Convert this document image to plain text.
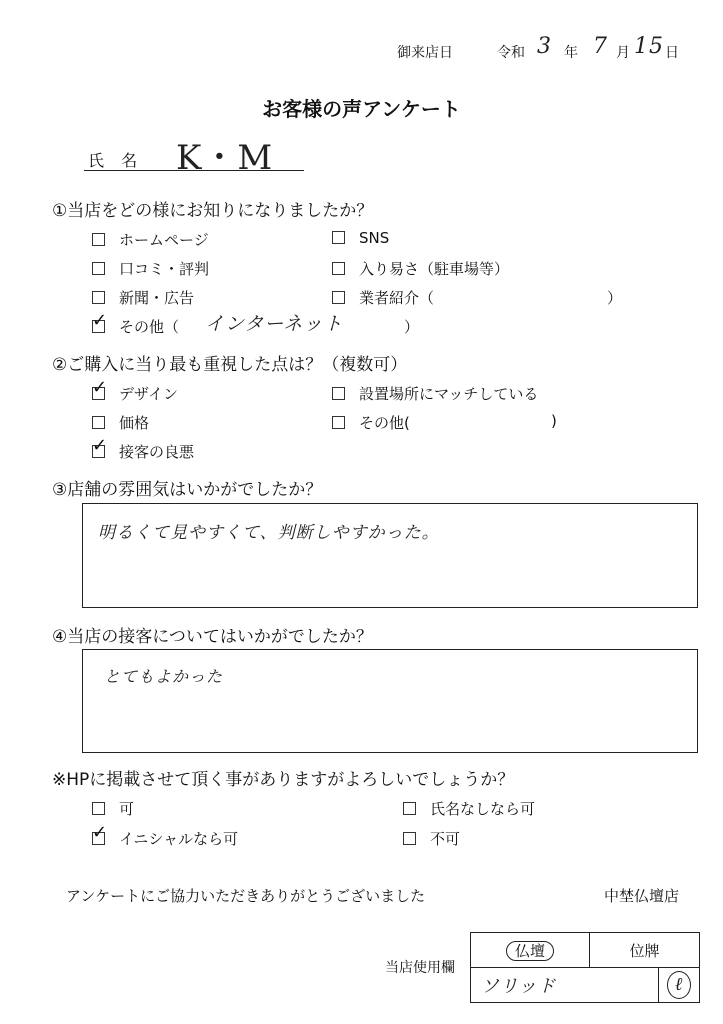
御来店日	令和 3 年 7 月 15 日
お客様の声アンケート
氏 名 K・M
①当店をどの様にお知りになりましたか？
ホームページ	SNS
口コミ・評判	入り易さ（駐車場等）
新聞・広告	業者紹介（	）
✓その他（ インターネット	）
②ご購入に当り最も重視した点は？（複数可）
✓デザイン	設置場所にマッチしている
価格	その他(	)
✓接客の良悪
③店舗の雰囲気はいかがでしたか？
明るくて見やすくて、判断しやすかった。
④当店の接客についてはいかがでしたか？
とてもよかった
※HPに掲載させて頂く事がありますがよろしいでしょうか？
可	氏名なしなら可
✓イニシャルなら可	不可
アンケートにご協力いただきありがとうございました	中埜仏壇店
当店使用欄
仏壇	位牌	
ソリッド		ℓ
